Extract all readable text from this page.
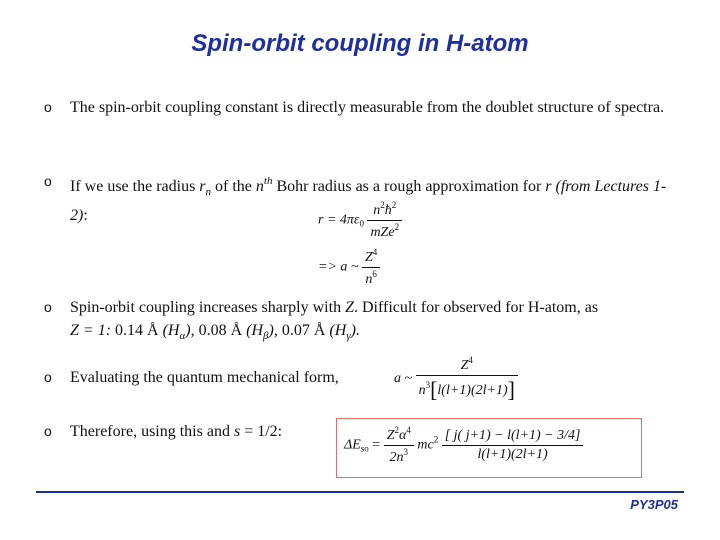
Spin-orbit coupling in H-atom
o The spin-orbit coupling constant is directly measurable from the doublet structure of spectra.
o If we use the radius $r_n$ of the $n^{th}$ Bohr radius as a rough approximation for r (from Lectures 1-2):	$r = 4\pi\varepsilon_0 \frac{n^2ħ^2}{mZe^2}$
=> a ~ $\frac{Z^4}{n^6}$
o Spin-orbit coupling increases sharply with Z. Difficult for observed for H-atom, as
Z = 1: 0.14 Å $(H_\alpha)$, 0.08 Å $(H_\beta)$, 0.07 Å $(H_\gamma)$.
o Evaluating the quantum mechanical form,	a ~ $\frac{Z^4}{n^3[l(l+1)(2l+1)]}$
o Therefore, using this and s = 1/2:
$\Delta E_{so} = \frac{Z^2\alpha^4}{2n^3} mc^2 \frac{[ j( j+1) - l(l+1) - 3/4]}{l(l+1)(2l+1)}$
PY3P05
